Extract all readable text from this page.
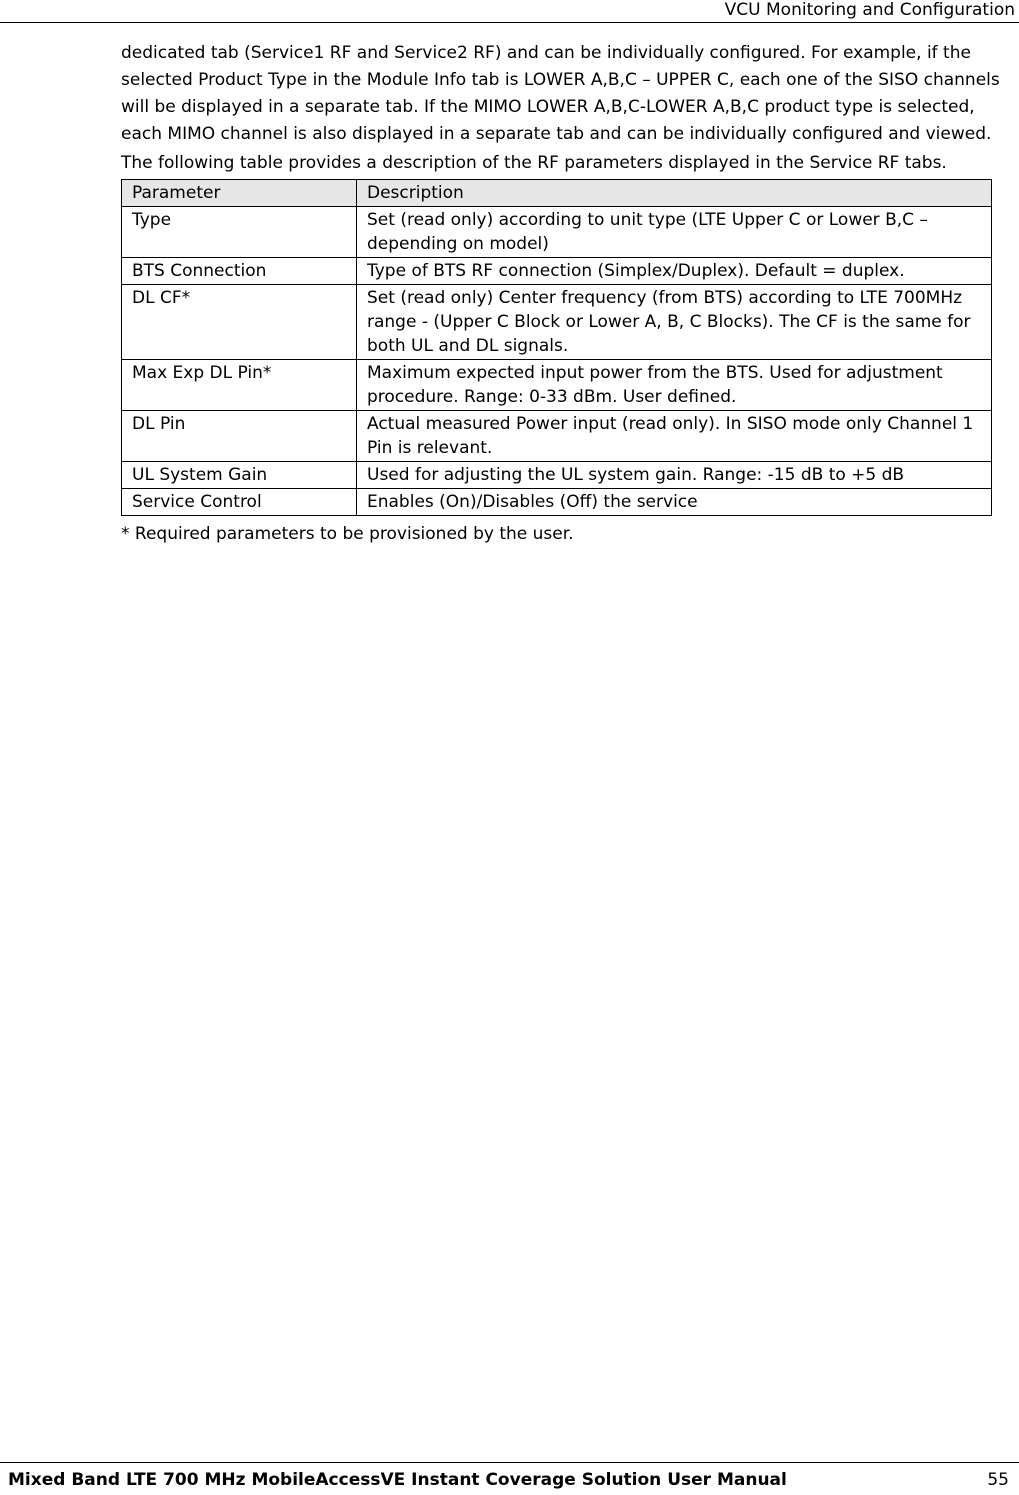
VCU Monitoring and Configuration

dedicated tab (Service1 RF and Service2 RF) and can be individually configured. For example, if the selected Product Type in the Module Info tab is LOWER A,B,C – UPPER C, each one of the SISO channels will be displayed in a separate tab. If the MIMO LOWER A,B,C-LOWER A,B,C product type is selected, each MIMO channel is also displayed in a separate tab and can be individually configured and viewed.

The following table provides a description of the RF parameters displayed in the Service RF tabs.

Parameter	Description
Type	Set (read only) according to unit type (LTE Upper C or Lower B,C – depending on model)
BTS Connection	Type of BTS RF connection (Simplex/Duplex). Default = duplex.
DL CF*	Set (read only) Center frequency (from BTS) according to LTE 700MHz range - (Upper C Block or Lower A, B, C Blocks). The CF is the same for both UL and DL signals.
Max Exp DL Pin*	Maximum expected input power from the BTS. Used for adjustment procedure. Range: 0-33 dBm. User defined.
DL Pin	Actual measured Power input (read only). In SISO mode only Channel 1 Pin is relevant.
UL System Gain	Used for adjusting the UL system gain. Range: -15 dB to +5 dB
Service Control	Enables (On)/Disables (Off) the service

* Required parameters to be provisioned by the user.

Mixed Band LTE 700 MHz MobileAccessVE Instant Coverage Solution User Manual	55
